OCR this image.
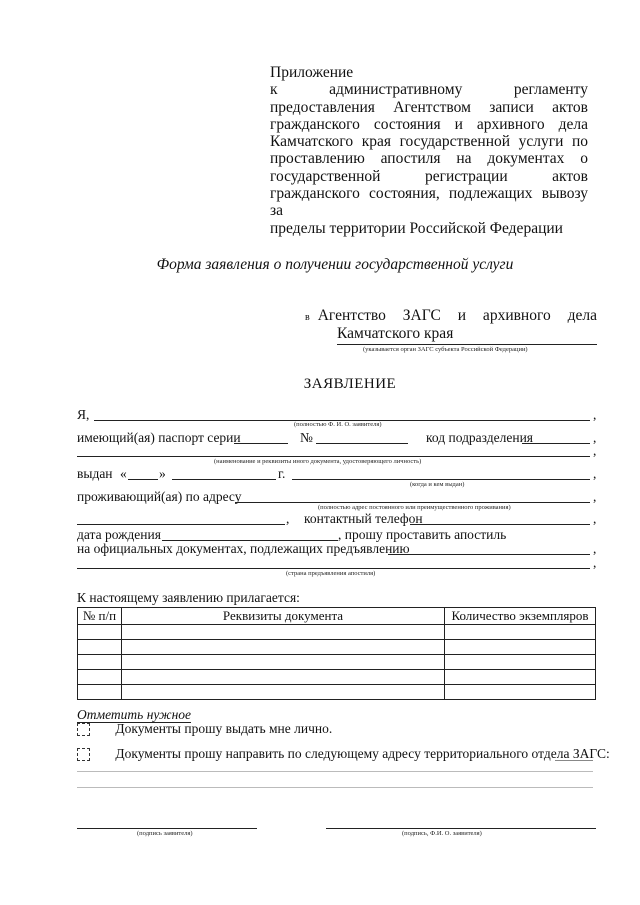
Приложение
к административному регламенту
предоставления Агентством записи актов
гражданского состояния и архивного дела
Камчатского края государственной услуги по
проставлению апостиля на документах о
государственной регистрации актов
гражданского состояния, подлежащих вывозу за
пределы территории Российской Федерации
Форма заявления о получении государственной услуги
в Агентство ЗАГС и архивного дела
Камчатского края
(указывается орган ЗАГС субъекта Российской Федерации)
ЗАЯВЛЕНИЕ
Я,	,
(полностью Ф. И. О. заявителя)
имеющий(ая) паспорт серии	№	код подразделения	,
,
(наименование и реквизиты иного документа, удостоверяющего личность)
выдан « »	г.	,
(когда и кем выдан)
проживающий(ая) по адресу	,
(полностью адрес постоянного или преимущественного проживания)
, контактный телефон	,
дата рождения	, прошу проставить апостиль
на официальных документах, подлежащих предъявлению	,
,
(страна предъявления апостиля)
К настоящему заявлению прилагается:
№ п/п	Реквизиты документа	Количество экземпляров

Отметить нужное
Документы прошу выдать мне лично.
Документы прошу направить по следующему адресу территориального отдела ЗАГС:
(подпись заявителя)	(подпись, Ф.И. О. заявителя)
